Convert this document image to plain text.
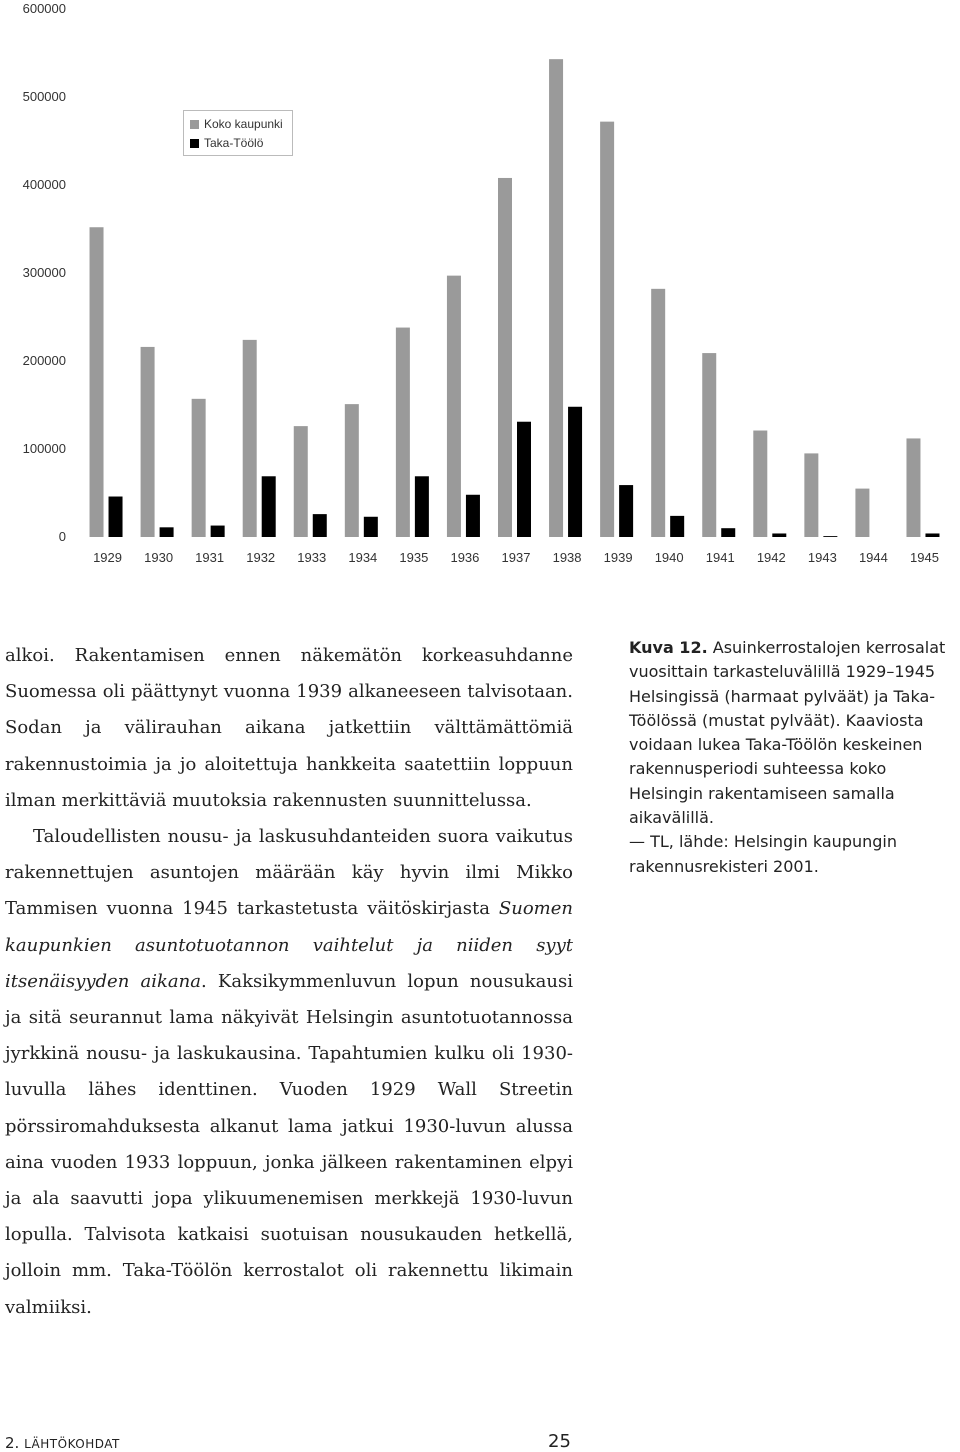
0
100000
200000
300000
400000
500000
600000
1929 1930 1931 1932 1933 1934 1935 1936 1937 1938 1939 1940 1941 1942 1943 1944 1945
Koko kaupunki
Taka-Töölö

alkoi. Rakentamisen ennen näkemätön korkeasuhdanne Suomessa oli päättynyt vuonna 1939 alkaneeseen talvisotaan. Sodan ja välirauhan aikana jatkettiin välttämättömiä rakennustoimia ja jo aloitettuja hankkeita saatettiin loppuun ilman merkittäviä muutoksia rakennusten suunnittelussa.

Taloudellisten nousu- ja laskusuhdanteiden suora vaikutus rakennettujen asuntojen määrään käy hyvin ilmi Mikko Tammisen vuonna 1945 tarkastetusta väitöskirjasta Suomen kaupunkien asuntotuotannon vaihtelut ja niiden syyt itsenäisyyden aikana. Kaksikymmenluvun lopun nousukausi ja sitä seurannut lama näkyivät Helsingin asuntotuotannossa jyrkkinä nousu- ja laskukausina. Tapahtumien kulku oli 1930-luvulla lähes identtinen. Vuoden 1929 Wall Streetin pörssiromahduksesta alkanut lama jatkui 1930-luvun alussa aina vuoden 1933 loppuun, jonka jälkeen rakentaminen elpyi ja ala saavutti jopa ylikuumenemisen merkkejä 1930-luvun lopulla. Talvisota katkaisi suotuisan nousukauden hetkellä, jolloin mm. Taka-Töölön kerrostalot oli rakennettu likimain valmiiksi.

Kuva 12. Asuinkerrostalojen kerrosalat vuosittain tarkasteluvälillä 1929–1945 Helsingissä (harmaat pylväät) ja Taka-Töölössä (mustat pylväät). Kaaviosta voidaan lukea Taka-Töölön keskeinen rakennusperiodi suhteessa koko Helsingin rakentamiseen samalla aikavälillä.
— TL, lähde: Helsingin kaupungin rakennusrekisteri 2001.
2. LÄHTÖKOHDAT	25
